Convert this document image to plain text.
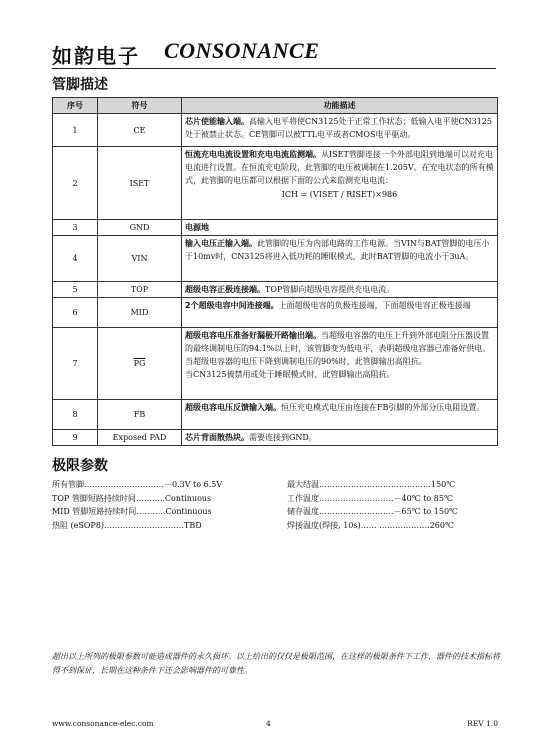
如韵电子 CONSONANCE
管脚描述
序号	符号	功能描述
1	CE	芯片使能输入端。高输入电平将使CN3125处于正常工作状态；低输入电平使CN3125处于被禁止状态。CE管脚可以被TTL电平或者CMOS电平驱动。
2	ISET	恒流充电电流设置和充电电流监测端。从ISET管脚连接一个外部电阻到地端可以对充电电流进行设置。在恒流充电阶段，此管脚的电压被调制在1.205V。在充电状态的所有模式，此管脚的电压都可以根据下面的公式来监测充电电流：
ICH = (VISET / RISET)×986

3	GND	电源地
4	VIN	输入电压正输入端。此管脚的电压为内部电路的工作电源。当VIN与BAT管脚的电压小于10mv时，CN3125将进入低功耗的睡眠模式，此时BAT管脚的电流小于3uA。
5	TOP	超级电容正极连接端。TOP管脚向超级电容提供充电电流。
6	MID	2个超级电容中间连接端。上面超级电容的负极连接端，下面超级电容正极连接端
7	$\overline{PG}$	超级电容电压准备好漏极开路输出端。当超级电容器的电压上升到外部电阻分压器设置的最终调制电压的94.1%以上时，该管脚变为低电平，表明超级电容器已准备好供电。当超级电容器的电压下降到调制电压的90%时，此管脚输出高阻抗。
当CN3125被禁用或处于睡眠模式时，此管脚输出高阻抗。
8	FB	超级电容电压反馈输入端。恒压充电模式电压由连接在FB引脚的外部分压电阻设置。
9	Exposed PAD	芯片背面散热块。需要连接到GND。
极限参数
所有管脚…………………………－0.3V to 6.5V
TOP 管脚短路持续时间………..Continuous
MID 管脚短路持续时间………..Continuous
热阻 (eSOP8)…………………………TBD
最大结温……………………………………150℃
工作温度……………………….－40℃ to 85℃
储存温度……………………….－65℃ to 150℃
焊接温度(焊接, 10s)…… ……………….260℃
超出以上所列的极限参数可能造成器件的永久损坏。以上给出的仅仅是极限范围，在这样的极限条件下工作，器件的技术指标将得不到保证，长期在这种条件下还会影响器件的可靠性。
www.consonance-elec.com	4	REV 1.0
